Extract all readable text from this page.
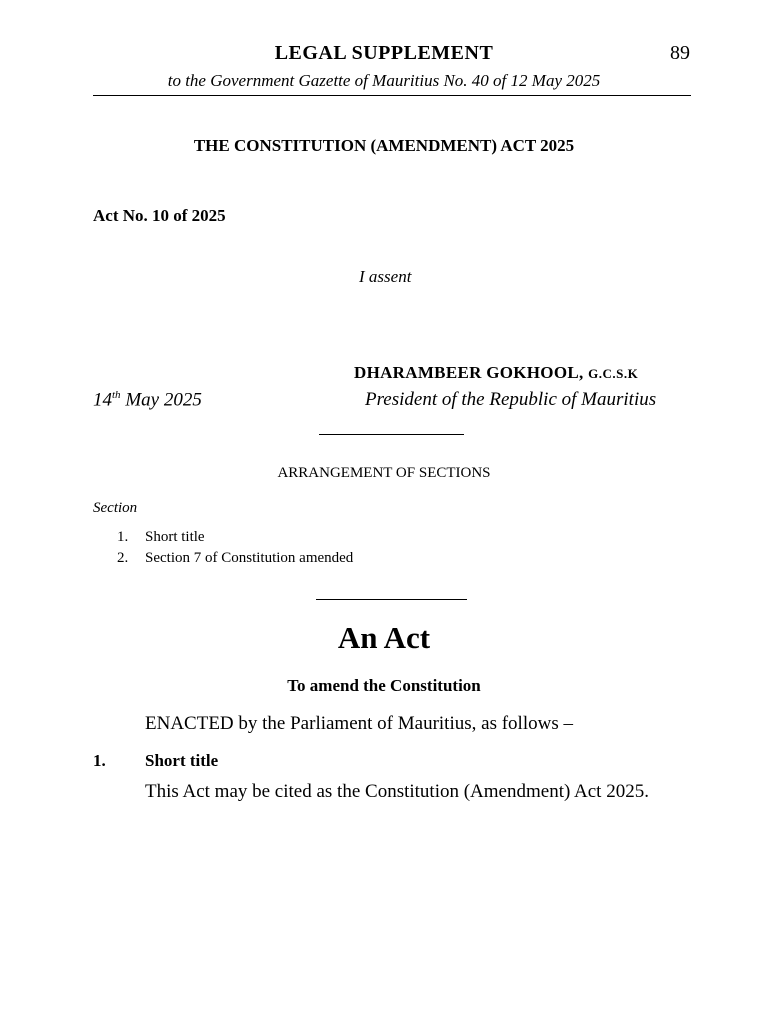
LEGAL SUPPLEMENT	89
to the Government Gazette of Mauritius No. 40 of 12 May 2025
THE CONSTITUTION (AMENDMENT) ACT 2025
Act No. 10 of 2025
I assent
DHARAMBEER GOKHOOL, G.C.S.K
14th May 2025	President of the Republic of Mauritius
ARRANGEMENT OF SECTIONS
Section
1. Short title
2. Section 7 of Constitution amended
An Act
To amend the Constitution
ENACTED by the Parliament of Mauritius, as follows –
1. Short title
This Act may be cited as the Constitution (Amendment) Act 2025.
